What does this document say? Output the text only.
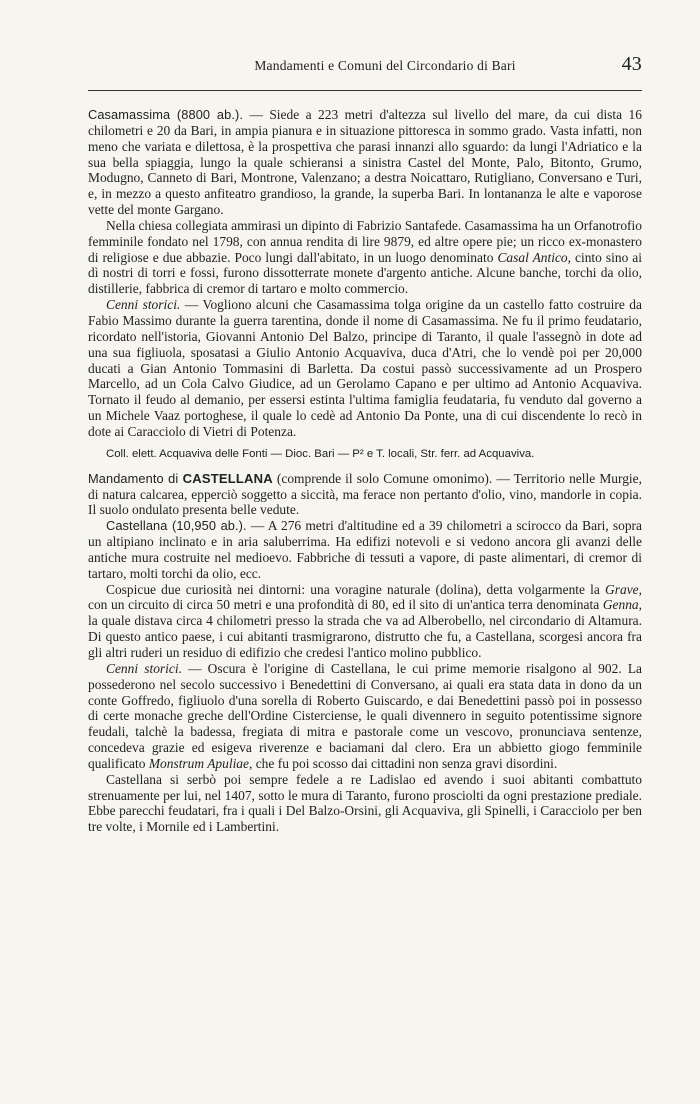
Mandamenti e Comuni del Circondario di Bari	43

Casamassima (8800 ab.). — Siede a 223 metri d'altezza sul livello del mare, da cui dista 16 chilometri e 20 da Bari, in ampia pianura e in situazione pittoresca in sommo grado. Vasta infatti, non meno che variata e dilettosa, è la prospettiva che parasi innanzi allo sguardo: da lungi l'Adriatico e la sua bella spiaggia, lungo la quale schieransi a sinistra Castel del Monte, Palo, Bitonto, Grumo, Modugno, Canneto di Bari, Montrone, Valenzano; a destra Noicattaro, Rutigliano, Conversano e Turi, e, in mezzo a questo anfiteatro grandioso, la grande, la superba Bari. In lontananza le alte e vaporose vette del monte Gargano.

Nella chiesa collegiata ammirasi un dipinto di Fabrizio Santafede. Casamassima ha un Orfanotrofio femminile fondato nel 1798, con annua rendita di lire 9879, ed altre opere pie; un ricco ex-monastero di religiose e due abbazie. Poco lungi dall'abitato, in un luogo denominato Casal Antico, cinto sino ai dì nostri di torri e fossi, furono dissotterrate monete d'argento antiche. Alcune banche, torchi da olio, distillerie, fabbrica di cremor di tartaro e molto commercio.

Cenni storici. — Vogliono alcuni che Casamassima tolga origine da un castello fatto costruire da Fabio Massimo durante la guerra tarentina, donde il nome di Casamassima. Ne fu il primo feudatario, ricordato nell'istoria, Giovanni Antonio Del Balzo, principe di Taranto, il quale l'assegnò in dote ad una sua figliuola, sposatasi a Giulio Antonio Acquaviva, duca d'Atri, che lo vendè poi per 20,000 ducati a Gian Antonio Tommasini di Barletta. Da costui passò successivamente ad un Prospero Marcello, ad un Cola Calvo Giudice, ad un Gerolamo Capano e per ultimo ad Antonio Acquaviva. Tornato il feudo al demanio, per essersi estinta l'ultima famiglia feudataria, fu venduto dal governo a un Michele Vaaz portoghese, il quale lo cedè ad Antonio Da Ponte, una di cui discendente lo recò in dote ai Caracciolo di Vietri di Potenza.

Coll. elett. Acquaviva delle Fonti — Dioc. Bari — P² e T. locali, Str. ferr. ad Acquaviva.

Mandamento di CASTELLANA (comprende il solo Comune omonimo). — Territorio nelle Murgie, di natura calcarea, epperciò soggetto a siccità, ma ferace non pertanto d'olio, vino, mandorle in copia. Il suolo ondulato presenta belle vedute.

Castellana (10,950 ab.). — A 276 metri d'altitudine ed a 39 chilometri a scirocco da Bari, sopra un altipiano inclinato e in aria saluberrima. Ha edifizi notevoli e si vedono ancora gli avanzi delle antiche mura costruite nel medioevo. Fabbriche di tessuti a vapore, di paste alimentari, di cremor di tartaro, molti torchi da olio, ecc.

Cospicue due curiosità nei dintorni: una voragine naturale (dolina), detta volgarmente la Grave, con un circuito di circa 50 metri e una profondità di 80, ed il sito di un'antica terra denominata Genna, la quale distava circa 4 chilometri presso la strada che va ad Alberobello, nel circondario di Altamura. Di questo antico paese, i cui abitanti trasmigrarono, distrutto che fu, a Castellana, scorgesi ancora fra gli altri ruderi un residuo di edifizio che credesi l'antico molino pubblico.

Cenni storici. — Oscura è l'origine di Castellana, le cui prime memorie risalgono al 902. La possederono nel secolo successivo i Benedettini di Conversano, ai quali era stata data in dono da un conte Goffredo, figliuolo d'una sorella di Roberto Guiscardo, e dai Benedettini passò poi in possesso di certe monache greche dell'Ordine Cisterciense, le quali divennero in seguito potentissime signore feudali, talchè la badessa, fregiata di mitra e pastorale come un vescovo, pronunciava sentenze, concedeva grazie ed esigeva riverenze e baciamani dal clero. Era un abbietto giogo femminile qualificato Monstrum Apuliae, che fu poi scosso dai cittadini non senza gravi disordini.

Castellana si serbò poi sempre fedele a re Ladislao ed avendo i suoi abitanti combattuto strenuamente per lui, nel 1407, sotto le mura di Taranto, furono prosciolti da ogni prestazione prediale. Ebbe parecchi feudatari, fra i quali i Del Balzo-Orsini, gli Acquaviva, gli Spinelli, i Caracciolo per ben tre volte, i Mornile ed i Lambertini.
